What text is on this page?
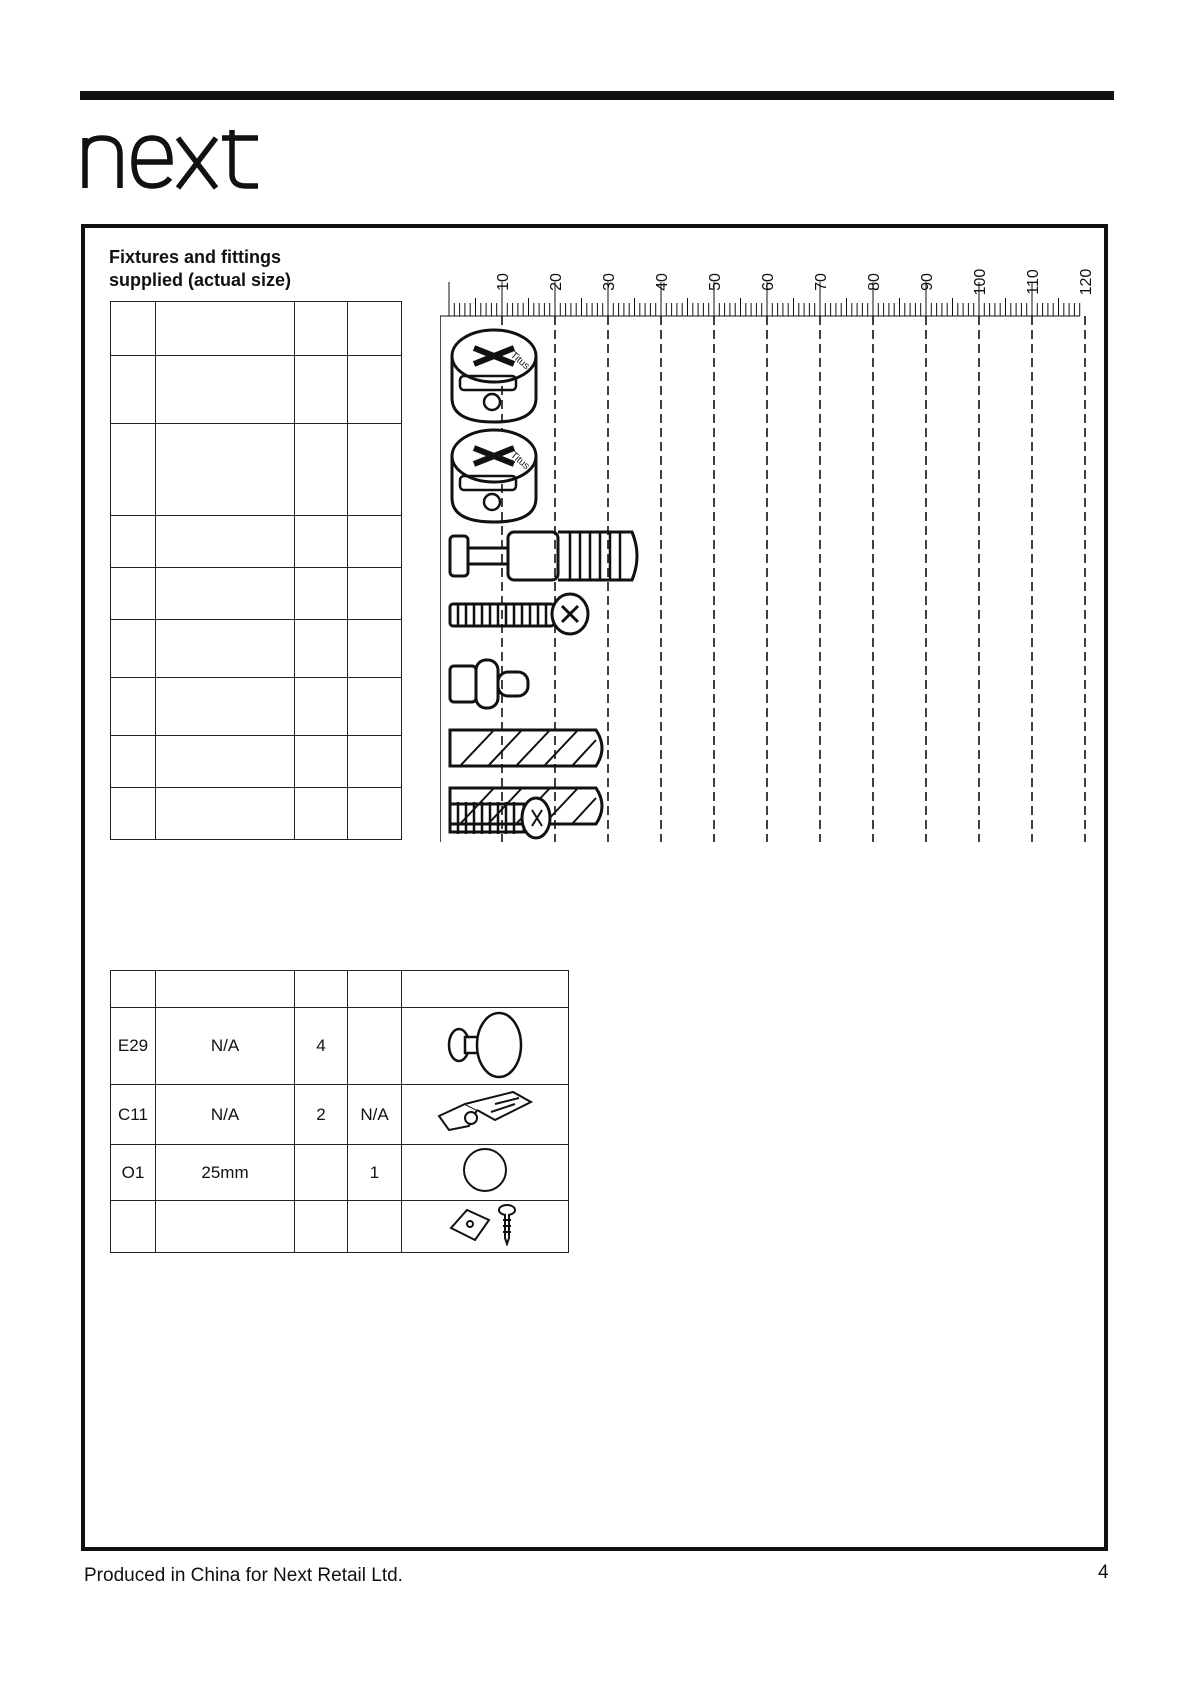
next
Fixtures and fittings
supplied (actual size)	10 20 30 40 50 60 70 80 90 100 110 120

Titus
Titus

E29	N/A	4		
C11	N/A	2	N/A	
O1	25mm		1	

Produced in China for Next Retail Ltd.	4
